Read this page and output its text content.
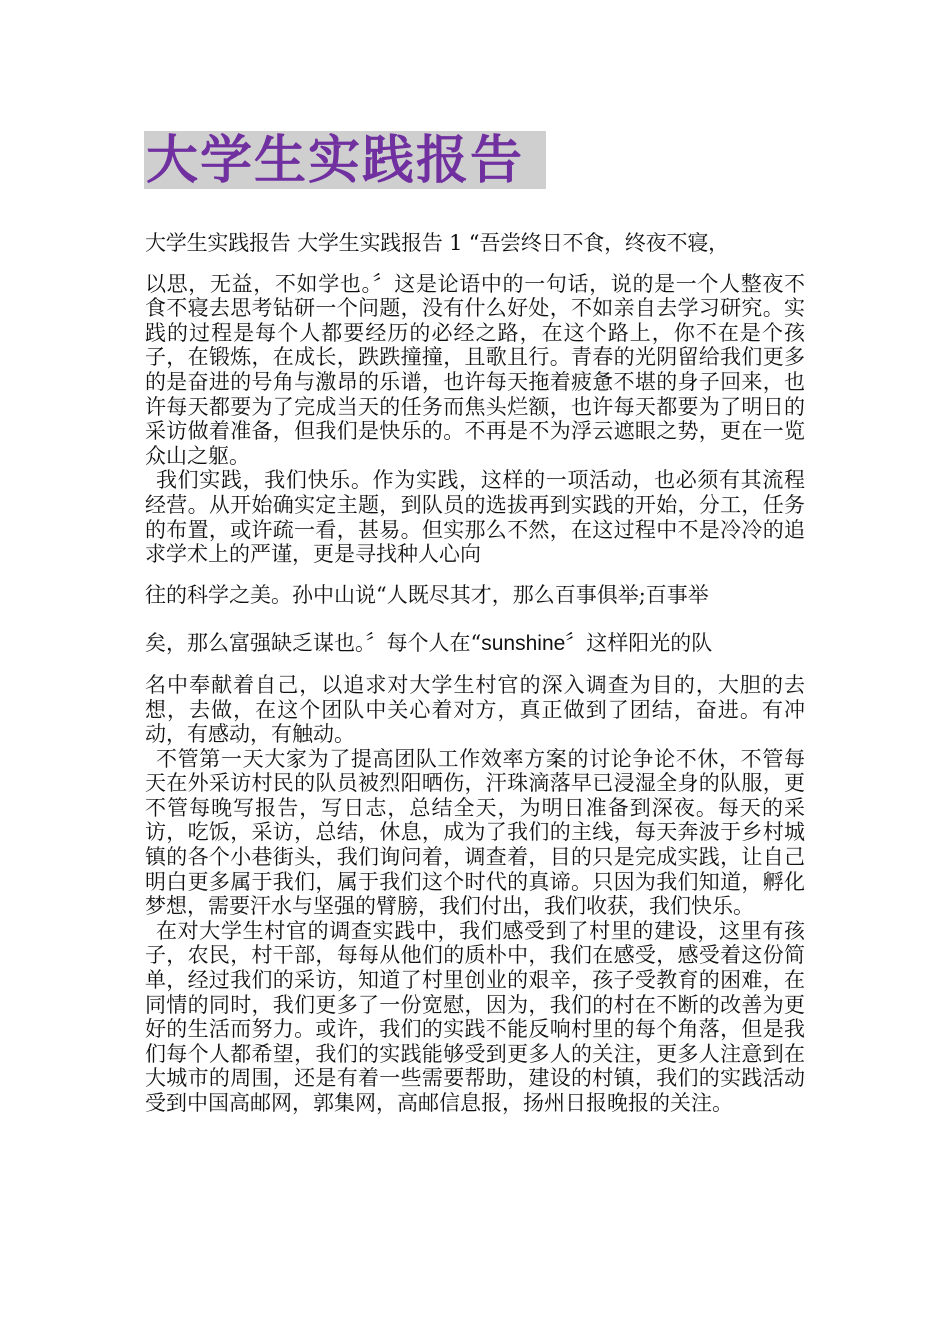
大学生实践报告

大学生实践报告 大学生实践报告 1 “吾尝终日不食，终夜不寝，
以思，无益，不如学也。〞这是论语中的一句话，说的是一个人整夜不食不寝去思考钻研一个问题，没有什么好处，不如亲自去学习研究。实践的过程是每个人都要经历的必经之路，在这个路上，你不在是个孩子，在锻炼，在成长，跌跌撞撞，且歌且行。青春的光阴留给我们更多的是奋进的号角与激昂的乐谱，也许每天拖着疲惫不堪的身子回来，也许每天都要为了完成当天的任务而焦头烂额，也许每天都要为了明日的采访做着准备，但我们是快乐的。不再是不为浮云遮眼之势，更在一览众山之躯。

我们实践，我们快乐。作为实践，这样的一项活动，也必须有其流程经营。从开始确实定主题，到队员的选拔再到实践的开始，分工，任务的布置，或许疏一看，甚易。但实那么不然，在这过程中不是冷冷的追求学术上的严谨，更是寻找种人心向
往的科学之美。孙中山说“人既尽其才，那么百事俱举;百事举
矣，那么富强缺乏谋也。〞每个人在“sunshine〞这样阳光的队
名中奉献着自己，以追求对大学生村官的深入调查为目的，大胆的去想，去做，在这个团队中关心着对方，真正做到了团结，奋进。有冲动，有感动，有触动。

不管第一天大家为了提高团队工作效率方案的讨论争论不休，不管每天在外采访村民的队员被烈阳晒伤，汗珠滴落早已浸湿全身的队服，更不管每晚写报告，写日志，总结全天，为明日准备到深夜。每天的采访，吃饭，采访，总结，休息，成为了我们的主线，每天奔波于乡村城镇的各个小巷街头，我们询问着，调查着，目的只是完成实践，让自己明白更多属于我们，属于我们这个时代的真谛。只因为我们知道，孵化梦想，需要汗水与坚强的臂膀，我们付出，我们收获，我们快乐。

在对大学生村官的调查实践中，我们感受到了村里的建设，这里有孩子，农民，村干部，每每从他们的质朴中，我们在感受，感受着这份简单，经过我们的采访，知道了村里创业的艰辛，孩子受教育的困难，在同情的同时，我们更多了一份宽慰，因为，我们的村在不断的改善为更好的生活而努力。或许，我们的实践不能反响村里的每个角落，但是我们每个人都希望，我们的实践能够受到更多人的关注，更多人注意到在大城市的周围，还是有着一些需要帮助，建设的村镇，我们的实践活动受到中国高邮网，郭集网，高邮信息报，扬州日报晚报的关注。
